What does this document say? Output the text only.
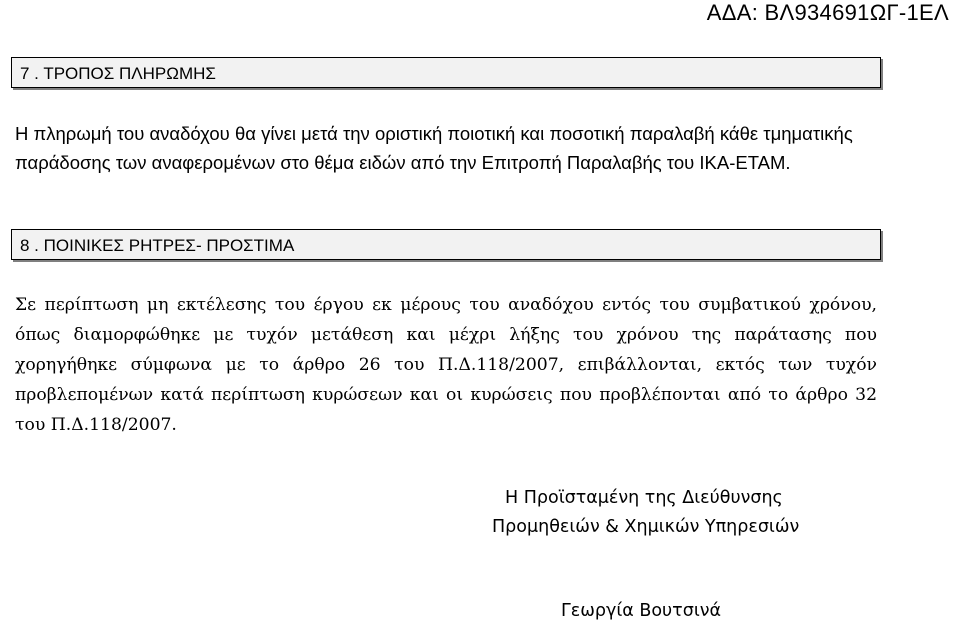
ΑΔΑ: ΒΛ934691ΩΓ-1ΕΛ
7 . ΤΡΟΠΟΣ ΠΛΗΡΩΜΗΣ

Η πληρωμή του αναδόχου θα γίνει μετά την οριστική ποιοτική και ποσοτική παραλαβή κάθε τμηματικής παράδοσης των αναφερομένων στο θέμα ειδών από την Επιτροπή Παραλαβής του ΙΚΑ-ΕΤΑΜ.

8 . ΠΟΙΝΙΚΕΣ ΡΗΤΡΕΣ- ΠΡΟΣΤΙΜΑ

Σε περίπτωση μη εκτέλεσης του έργου εκ μέρους του αναδόχου εντός του συμβατικού χρόνου, όπως διαμορφώθηκε με τυχόν μετάθεση και μέχρι λήξης του χρόνου της παράτασης που χορηγήθηκε σύμφωνα με το άρθρο 26 του Π.Δ.118/2007, επιβάλλονται, εκτός των τυχόν προβλεπομένων κατά περίπτωση κυρώσεων και οι κυρώσεις που προβλέπονται από το άρθρο 32 του Π.Δ.118/2007.

Η Προϊσταμένη της Διεύθυνσης
Προμηθειών & Χημικών Υπηρεσιών
Γεωργία Βουτσινά
